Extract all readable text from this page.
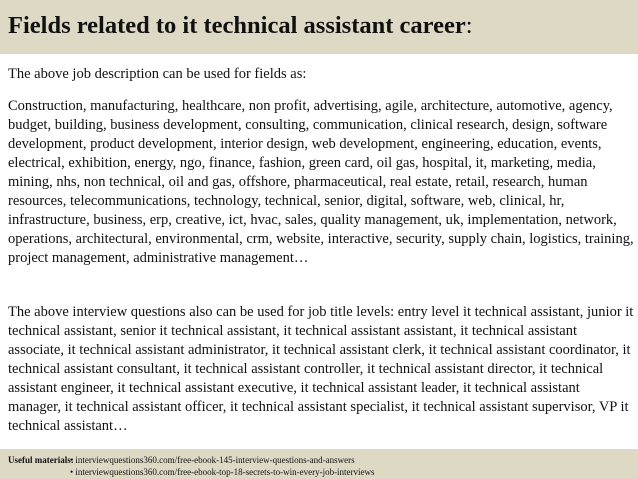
Fields related to it technical assistant career:
The above job description can be used for fields as:
Construction, manufacturing, healthcare, non profit, advertising, agile, architecture, automotive, agency, budget, building, business development, consulting, communication, clinical research, design, software development, product development, interior design, web development, engineering, education, events, electrical, exhibition, energy, ngo, finance, fashion, green card, oil gas, hospital, it, marketing, media, mining, nhs, non technical, oil and gas, offshore, pharmaceutical, real estate, retail, research, human resources, telecommunications, technology, technical, senior, digital, software, web, clinical, hr, infrastructure, business, erp, creative, ict, hvac, sales, quality management, uk, implementation, network, operations, architectural, environmental, crm, website, interactive, security, supply chain, logistics, training, project management, administrative management…
The above interview questions also can be used for job title levels: entry level it technical assistant, junior it technical assistant, senior it technical assistant, it technical assistant assistant, it technical assistant associate, it technical assistant administrator, it technical assistant clerk, it technical assistant coordinator, it technical assistant consultant, it technical assistant controller, it technical assistant director, it technical assistant engineer, it technical assistant executive, it technical assistant leader, it technical assistant manager, it technical assistant officer, it technical assistant specialist, it technical assistant supervisor, VP it technical assistant…
Useful materials:• interviewquestions360.com/free-ebook-145-interview-questions-and-answers
• interviewquestions360.com/free-ebook-top-18-secrets-to-win-every-job-interviews
